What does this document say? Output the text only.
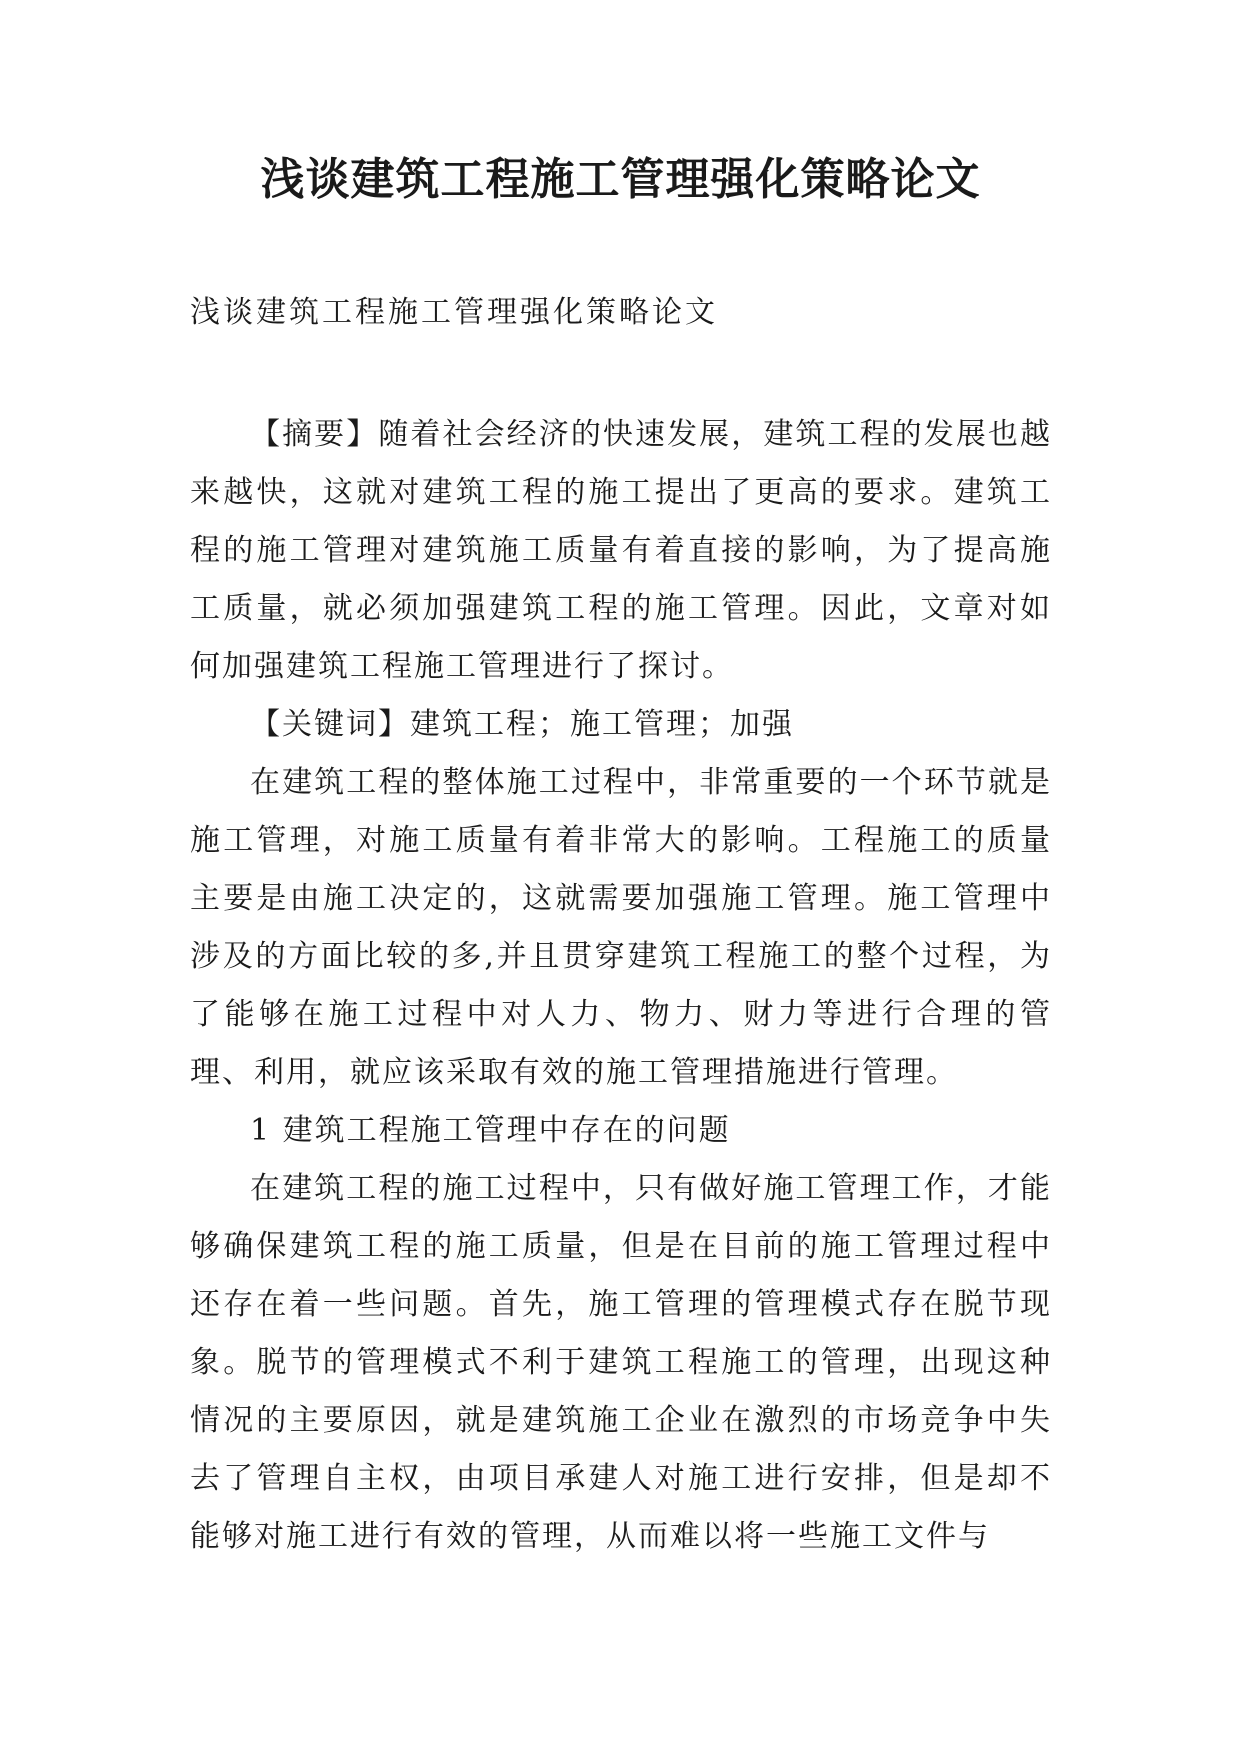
浅谈建筑工程施工管理强化策略论文

浅谈建筑工程施工管理强化策略论文

【摘要】随着社会经济的快速发展，建筑工程的发展也越来越快，这就对建筑工程的施工提出了更高的要求。建筑工程的施工管理对建筑施工质量有着直接的影响，为了提高施工质量，就必须加强建筑工程的施工管理。因此，文章对如何加强建筑工程施工管理进行了探讨。

【关键词】建筑工程；施工管理；加强

在建筑工程的整体施工过程中，非常重要的一个环节就是施工管理，对施工质量有着非常大的影响。工程施工的质量主要是由施工决定的，这就需要加强施工管理。施工管理中涉及的方面比较的多,并且贯穿建筑工程施工的整个过程，为了能够在施工过程中对人力、物力、财力等进行合理的管理、利用，就应该采取有效的施工管理措施进行管理。

1 建筑工程施工管理中存在的问题

在建筑工程的施工过程中，只有做好施工管理工作，才能够确保建筑工程的施工质量，但是在目前的施工管理过程中还存在着一些问题。首先，施工管理的管理模式存在脱节现象。脱节的管理模式不利于建筑工程施工的管理，出现这种情况的主要原因，就是建筑施工企业在激烈的市场竞争中失去了管理自主权，由项目承建人对施工进行安排，但是却不能够对施工进行有效的管理，从而难以将一些施工文件与
